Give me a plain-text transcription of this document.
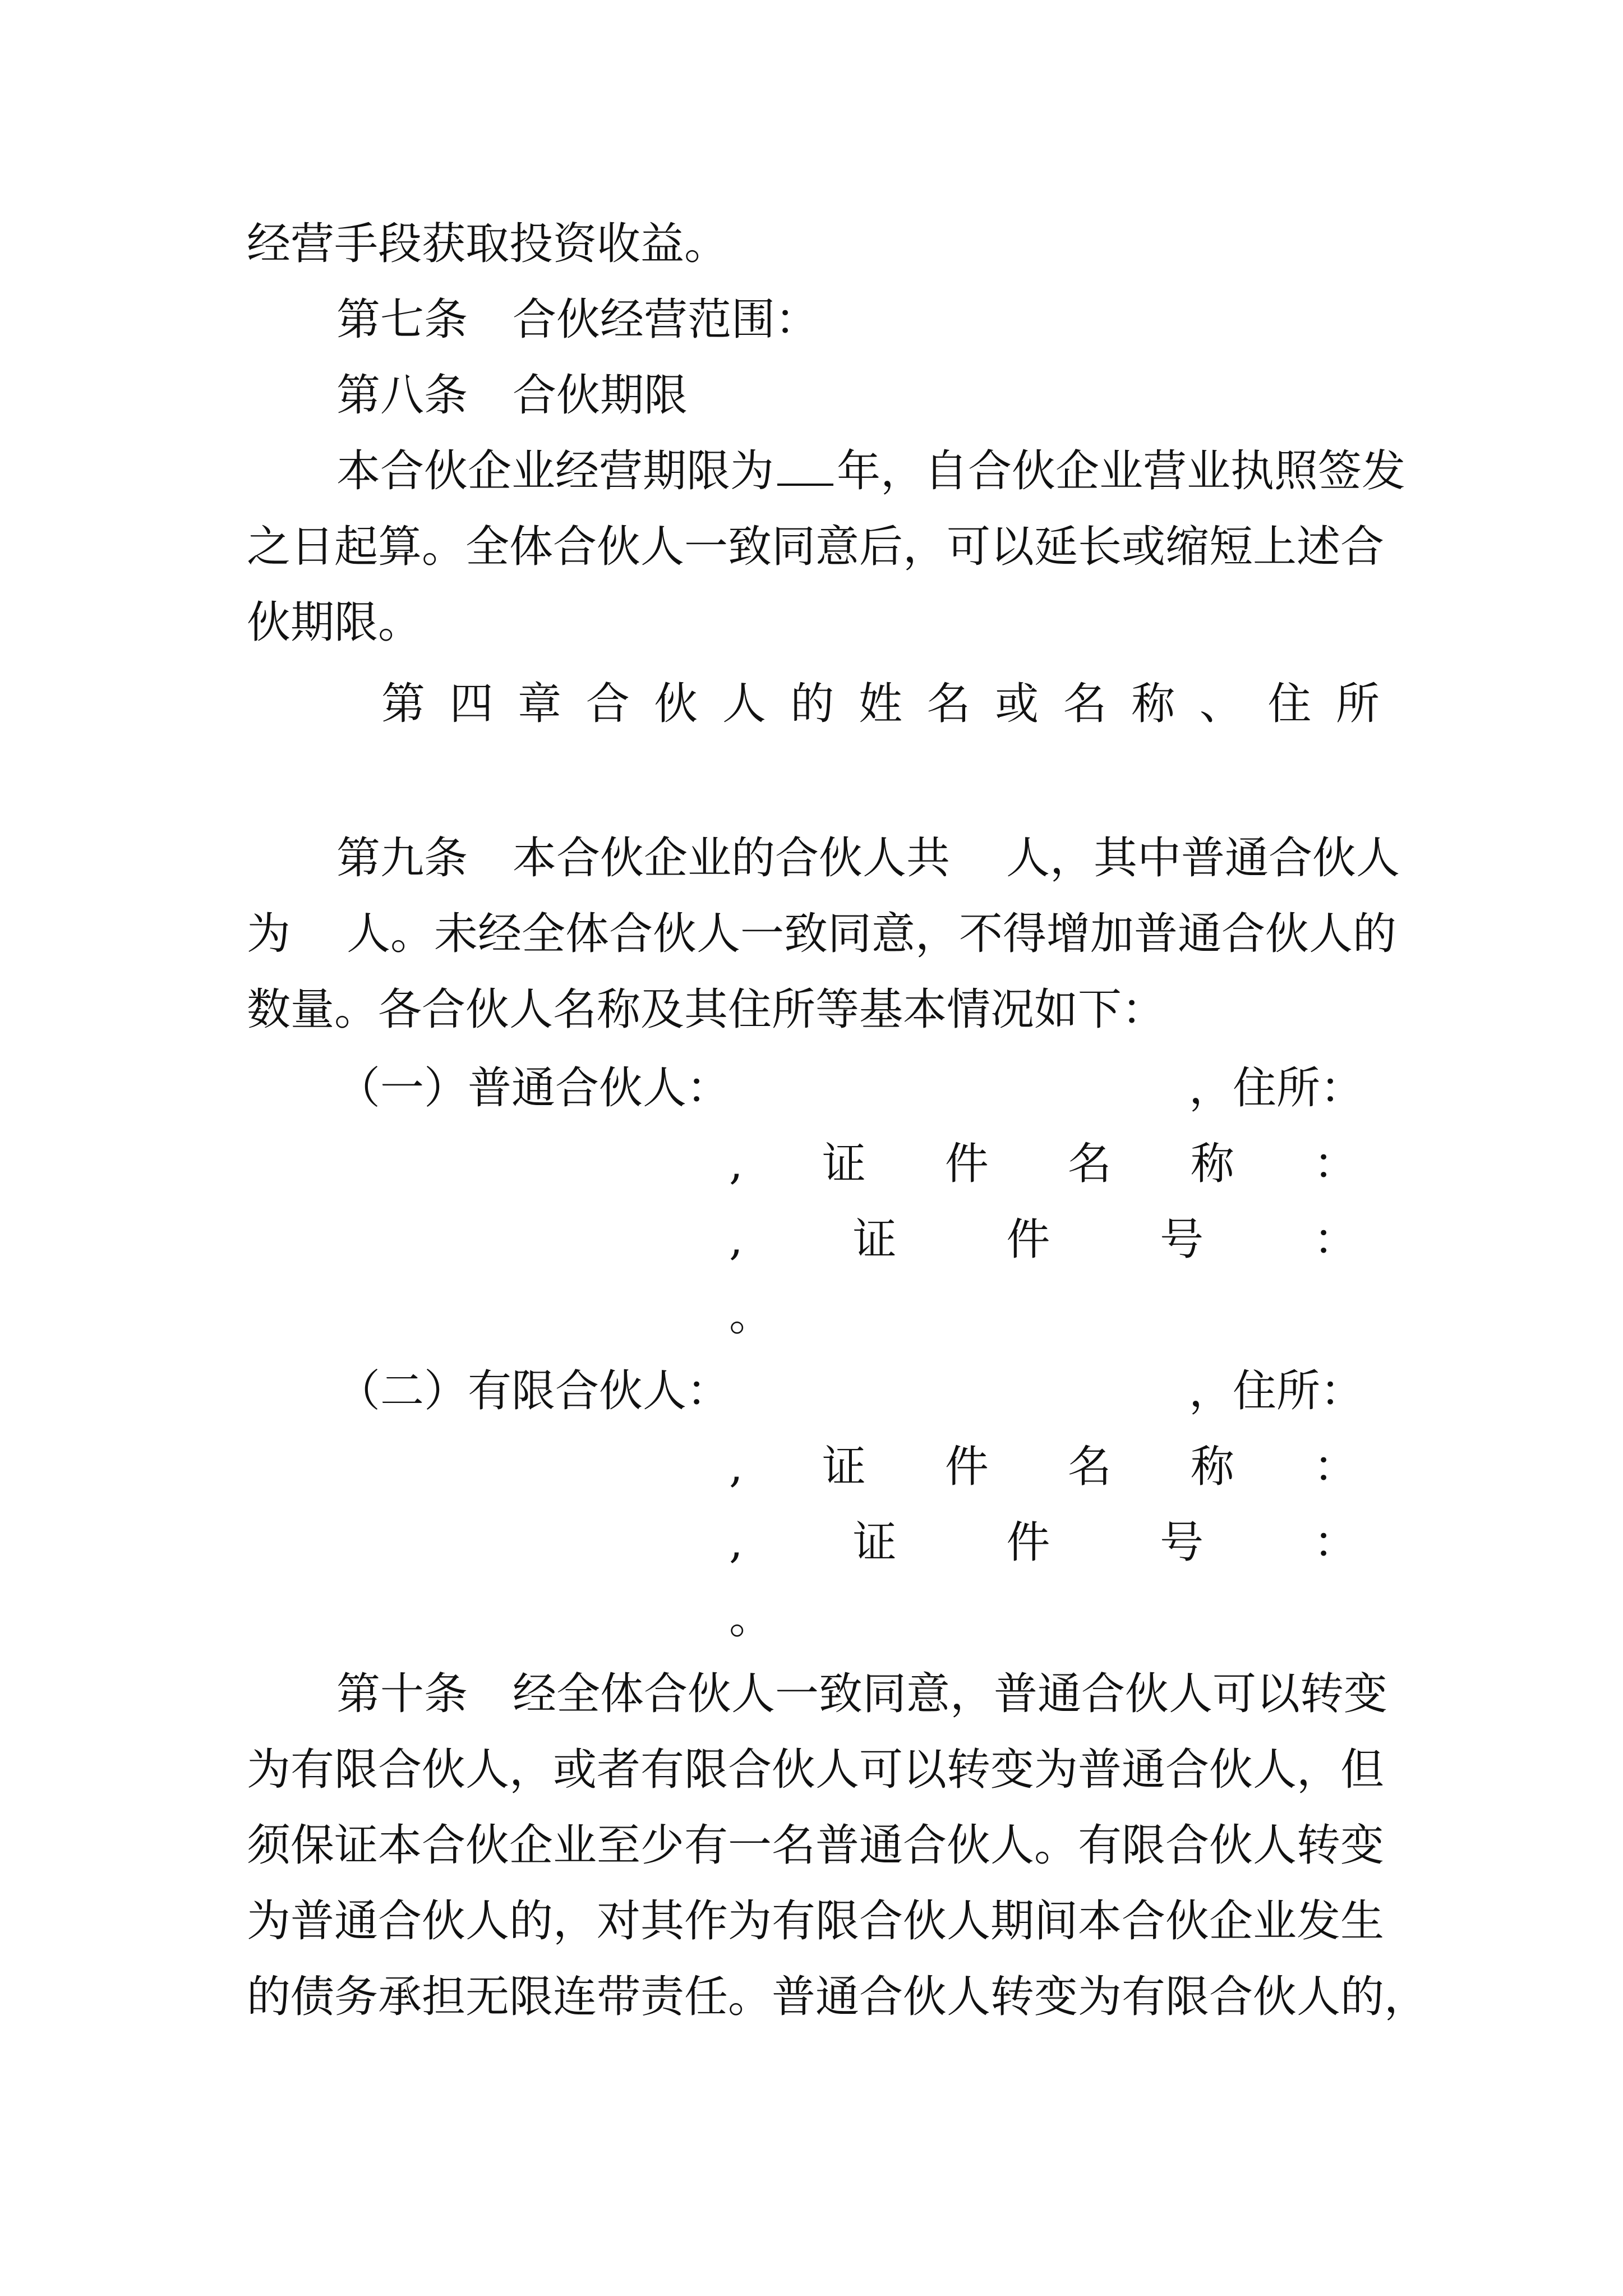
经营手段获取投资收益。
第七条 合伙经营范围：
第八条 合伙期限
本合伙企业经营期限为 年，自合伙企业营业执照签发
之日起算。全体合伙人一致同意后，可以延长或缩短上述合
伙期限。
第 四 章 合 伙 人 的 姓 名 或 名 称 、 住 所
第九条 本合伙企业的合伙人共 人，其中普通合伙人
为 人。未经全体合伙人一致同意，不得增加普通合伙人的
数量。各合伙人名称及其住所等基本情况如下：
（一）普通合伙人：	，住所：
, 证 件 名 称 ：
,	证	件	号	：
。
（二）有限合伙人：	，住所：
, 证 件 名 称 ：
,	证	件	号	：
。
第十条 经全体合伙人一致同意，普通合伙人可以转变
为有限合伙人，或者有限合伙人可以转变为普通合伙人，但
须保证本合伙企业至少有一名普通合伙人。有限合伙人转变
为普通合伙人的，对其作为有限合伙人期间本合伙企业发生
的债务承担无限连带责任。普通合伙人转变为有限合伙人的，
